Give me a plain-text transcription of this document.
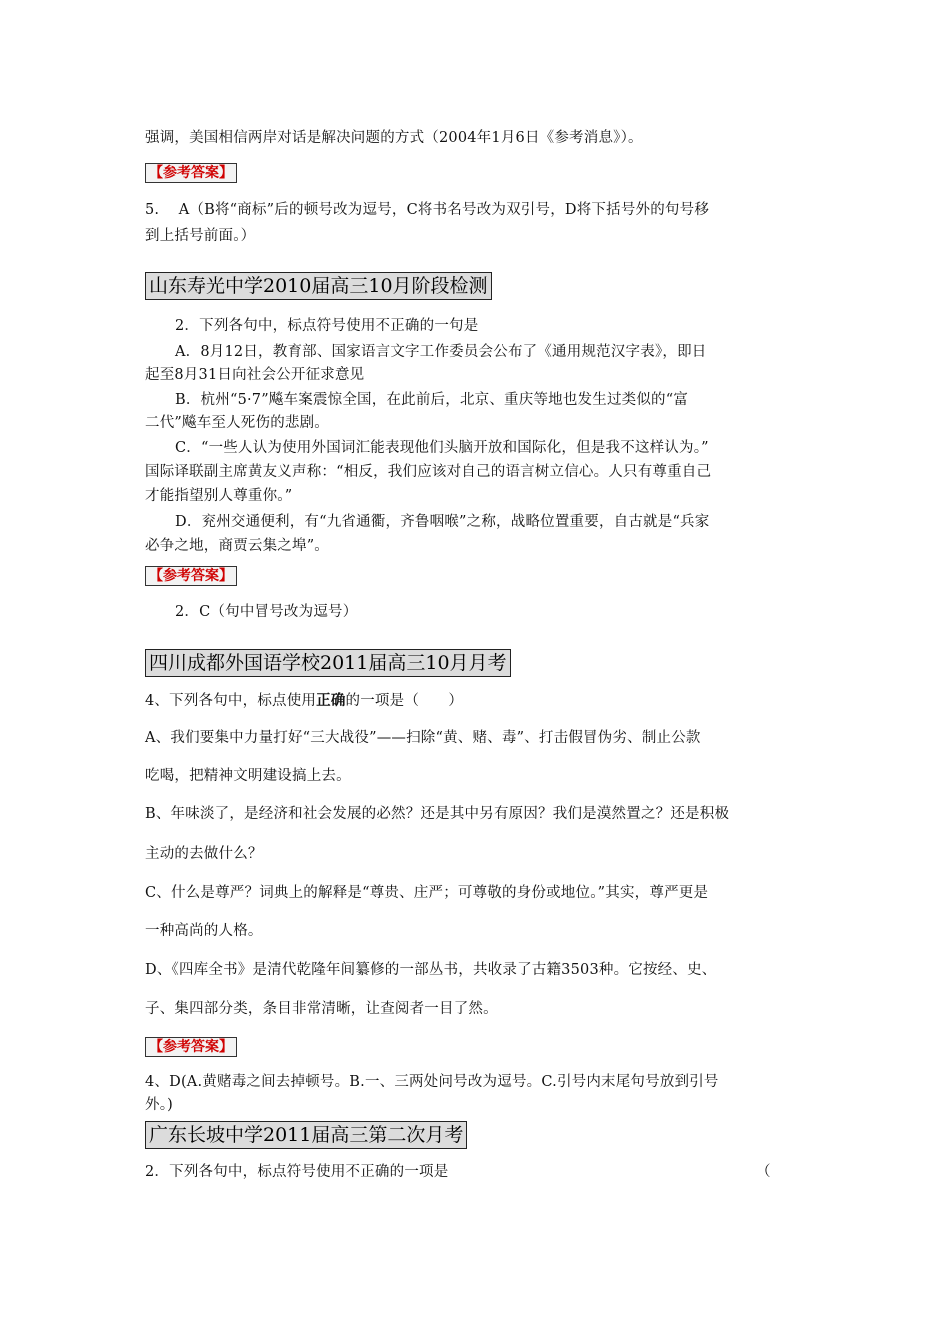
强调，美国相信两岸对话是解决问题的方式（2004年1月6日《参考消息》）。
【参考答案】
5.　 A（B将“商标”后的顿号改为逗号，C将书名号改为双引号，D将下括号外的句号移
到上括号前面。）
山东寿光中学2010届高三10月阶段检测
2．下列各句中，标点符号使用不正确的一句是
A．8月12日，教育部、国家语言文字工作委员会公布了《通用规范汉字表》，即日
起至8月31日向社会公开征求意见
B．杭州“5·7”飚车案震惊全国，在此前后，北京、重庆等地也发生过类似的“富
二代”飚车至人死伤的悲剧。
C．“一些人认为使用外国词汇能表现他们头脑开放和国际化，但是我不这样认为。”
国际译联副主席黄友义声称：“相反，我们应该对自己的语言树立信心。人只有尊重自己
才能指望别人尊重你。”
D．兖州交通便利，有“九省通衢，齐鲁咽喉”之称，战略位置重要，自古就是“兵家
必争之地，商贾云集之埠”。
【参考答案】
2．C（句中冒号改为逗号）
四川成都外国语学校2011届高三10月月考
4、下列各句中，标点使用正确的一项是（　　）
A、我们要集中力量打好“三大战役”——扫除“黄、赌、毒”、打击假冒伪劣、制止公款
吃喝，把精神文明建设搞上去。
B、年味淡了，是经济和社会发展的必然？还是其中另有原因？我们是漠然置之？还是积极
主动的去做什么？
C、什么是尊严？词典上的解释是“尊贵、庄严；可尊敬的身份或地位。”其实，尊严更是
一种高尚的人格。
D、《四库全书》是清代乾隆年间纂修的一部丛书，共收录了古籍3503种。它按经、史、
子、集四部分类，条目非常清晰，让查阅者一目了然。
【参考答案】
4、D(A.黄赌毒之间去掉顿号。B.一、三两处问号改为逗号。C.引号内末尾句号放到引号
外。)
广东长坡中学2011届高三第二次月考
2．下列各句中，标点符号使用不正确的一项是	（
